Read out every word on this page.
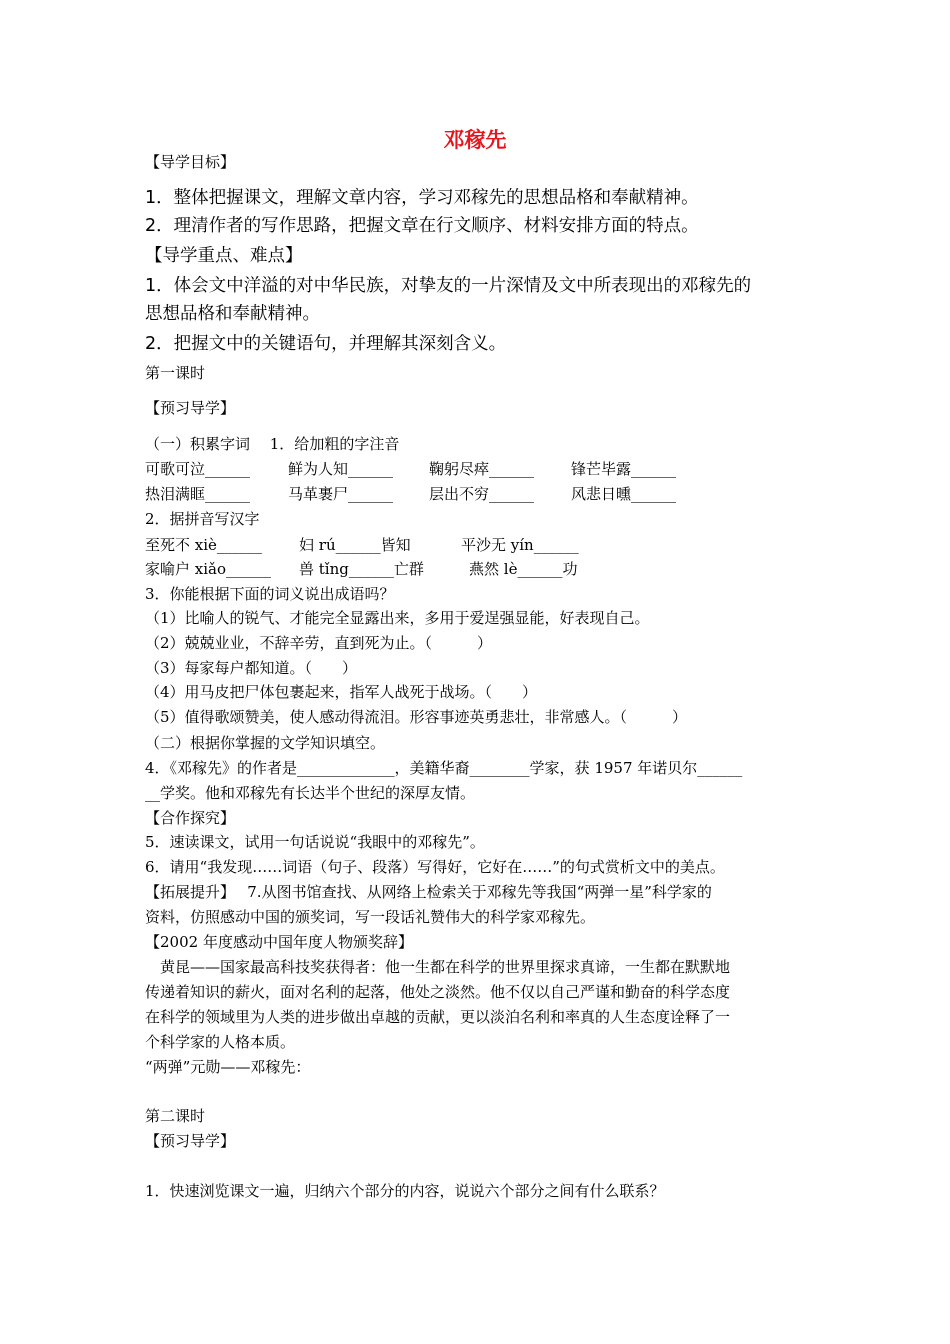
邓稼先
【导学目标】
1．整体把握课文，理解文章内容，学习邓稼先的思想品格和奉献精神。
2．理清作者的写作思路，把握文章在行文顺序、材料安排方面的特点。
【导学重点、难点】
1．体会文中洋溢的对中华民族，对挚友的一片深情及文中所表现出的邓稼先的
思想品格和奉献精神。
2．把握文中的关键语句，并理解其深刻含义。
第一课时
【预习导学】
（一）积累字词　 1．给加粗的字注音
可歌可泣______	鲜为人知______ 鞠躬尽瘁______ 锋芒毕露______
热泪满眶______	马革裹尸______ 层出不穷______ 风悲日曛______
2．据拼音写汉字
至死不 xiè______ 妇 rú______皆知	平沙无 yín______
家喻户 xiǎo______ 兽 tǐng______亡群	燕然 lè______功
3．你能根据下面的词义说出成语吗？
（1）比喻人的锐气、才能完全显露出来，多用于爱逞强显能，好表现自己。
（2）兢兢业业，不辞辛劳，直到死为止。（　　　）
（3）每家每户都知道。（　　）
（4）用马皮把尸体包裹起来，指军人战死于战场。（　　）
（5）值得歌颂赞美，使人感动得流泪。形容事迹英勇悲壮，非常感人。（　　　）
（二）根据你掌握的文学知识填空。
4．《邓稼先》的作者是_____________，美籍华裔________学家，获 1957 年诺贝尔______
__学奖。他和邓稼先有长达半个世纪的深厚友情。
【合作探究】
5．速读课文，试用一句话说说“我眼中的邓稼先”。
6．请用“我发现……词语（句子、段落）写得好，它好在……”的句式赏析文中的美点。
【拓展提升】　 7.从图书馆查找、从网络上检索关于邓稼先等我国“两弹一星”科学家的
资料，仿照感动中国的颁奖词，写一段话礼赞伟大的科学家邓稼先。
【2002 年度感动中国年度人物颁奖辞】
　黄昆——国家最高科技奖获得者：他一生都在科学的世界里探求真谛，一生都在默默地
传递着知识的薪火，面对名利的起落，他处之淡然。他不仅以自己严谨和勤奋的科学态度
在科学的领域里为人类的进步做出卓越的贡献，更以淡泊名利和率真的人生态度诠释了一
个科学家的人格本质。
“两弹”元勋——邓稼先：
第二课时
【预习导学】
1．快速浏览课文一遍，归纳六个部分的内容，说说六个部分之间有什么联系？
